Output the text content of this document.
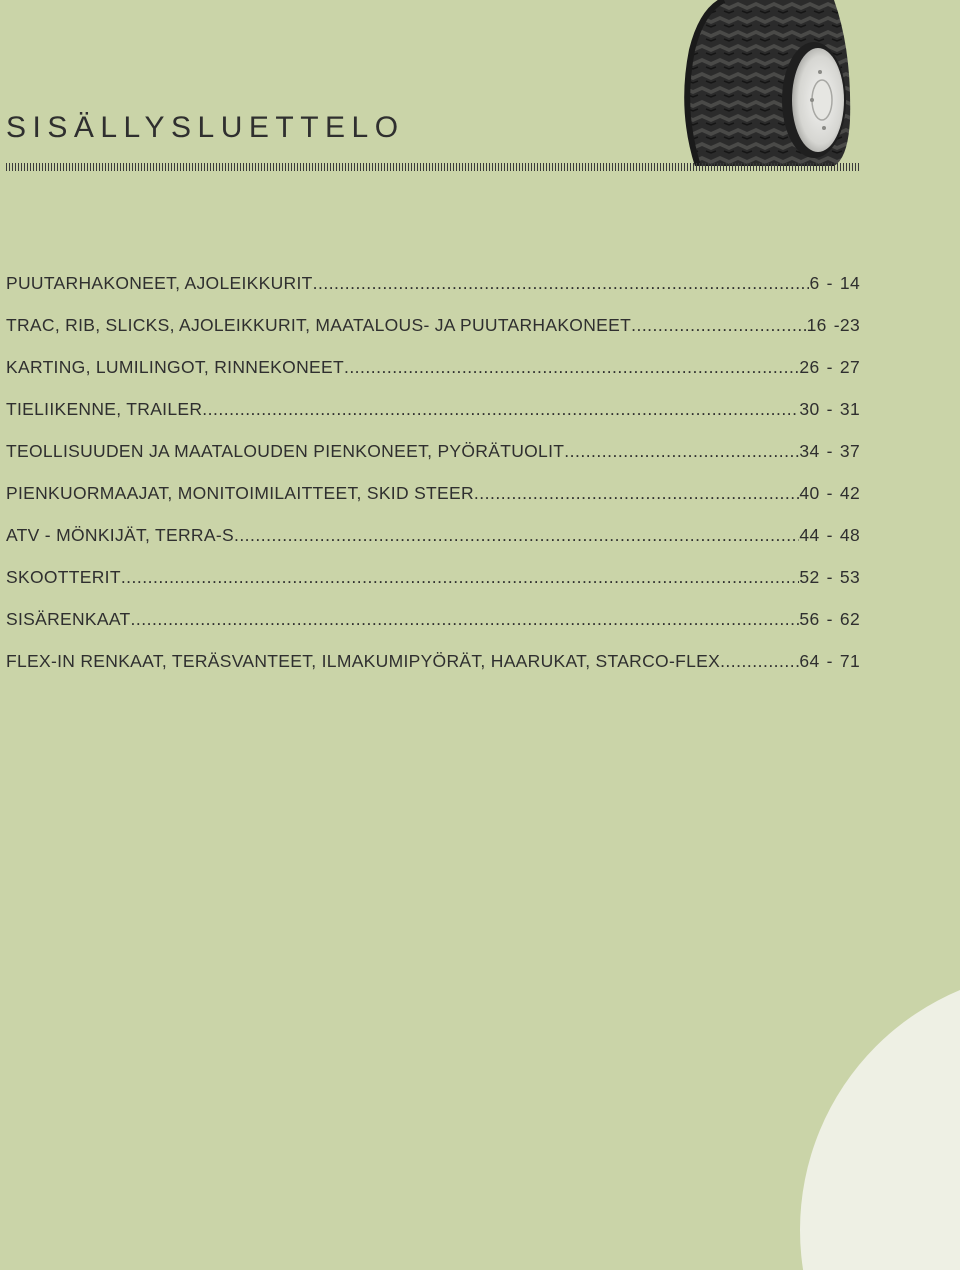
SISÄLLYSLUETTELO
PUUTARHAKONEET, AJOLEIKKURIT .....	6 - 14
TRAC, RIB, SLICKS, AJOLEIKKURIT, MAATALOUS- JA PUUTARHAKONEET .....	16 -23
KARTING, LUMILINGOT, RINNEKONEET .....	26 - 27
TIELIIKENNE, TRAILER .....	30 - 31
TEOLLISUUDEN JA MAATALOUDEN PIENKONEET, PYÖRÄTUOLIT .....	34 - 37
PIENKUORMAAJAT, MONITOIMILAITTEET, SKID STEER .....	40 - 42
ATV - MÖNKIJÄT, TERRA-S .....	44 - 48
SKOOTTERIT .....	52 - 53
SISÄRENKAAT .....	56 - 62
FLEX-IN RENKAAT, TERÄSVANTEET, ILMAKUMIPYÖRÄT, HAARUKAT, STARCO-FLEX .....	64 - 71
